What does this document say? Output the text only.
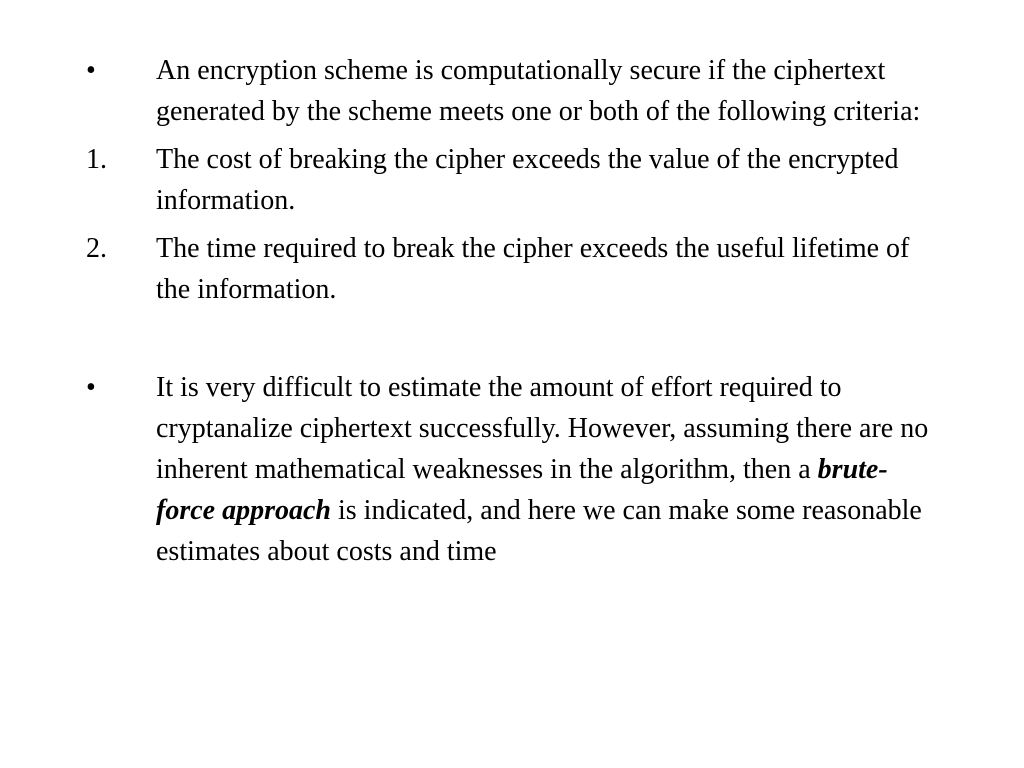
•	An encryption scheme is computationally secure if the ciphertext generated by the scheme meets one or both of the following criteria:
1.	The cost of breaking the cipher exceeds the value of the encrypted information.
2.	The time required to break the cipher exceeds the useful lifetime of the information.
•	It is very difficult to estimate the amount of effort required to cryptanalize ciphertext successfully. However, assuming there are no inherent mathematical weaknesses in the algorithm, then a brute-force approach is indicated, and here we can make some reasonable estimates about costs and time
